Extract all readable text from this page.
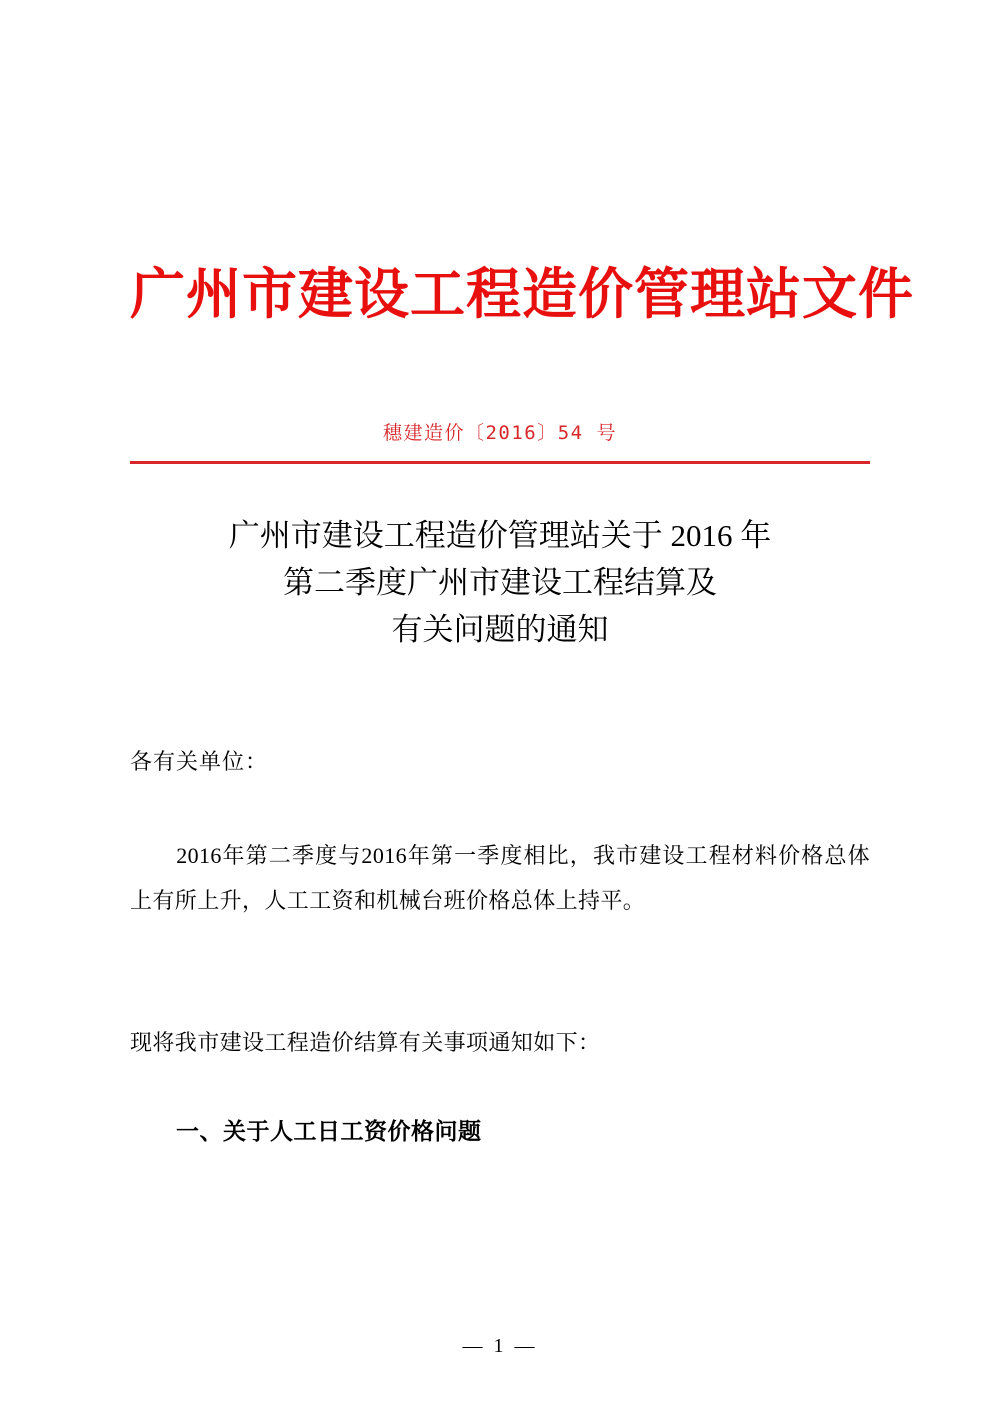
广州市建设工程造价管理站文件
穗建造价〔2016〕54 号
广州市建设工程造价管理站关于 2016 年
第二季度广州市建设工程结算及
有关问题的通知
各有关单位：
2016年第二季度与2016年第一季度相比，我市建设工程材料价格总体上有所上升，人工工资和机械台班价格总体上持平。
现将我市建设工程造价结算有关事项通知如下：
一、关于人工日工资价格问题
— 1 —
